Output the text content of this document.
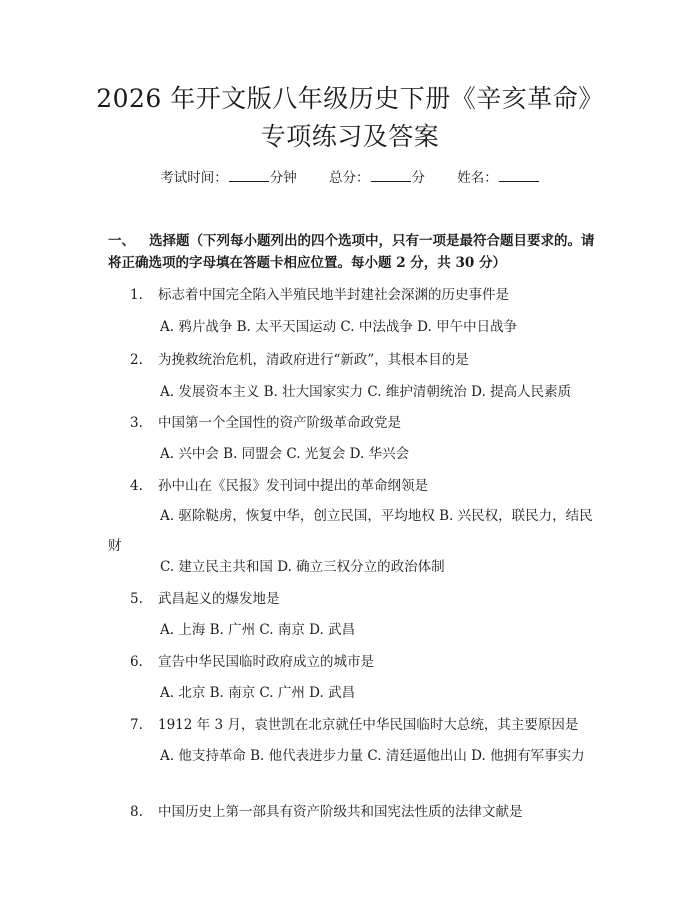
2026 年开文版八年级历史下册《辛亥革命》
专项练习及答案
考试时间：	分钟 总分：	分 姓名：
一、 选择题（下列每小题列出的四个选项中，只有一项是最符合题目要求的。请将正确选项的字母填在答题卡相应位置。每小题 2 分，共 30 分）
1. 标志着中国完全陷入半殖民地半封建社会深渊的历史事件是
A. 鸦片战争 B. 太平天国运动 C. 中法战争 D. 甲午中日战争
2. 为挽救统治危机，清政府进行“新政”，其根本目的是
A. 发展资本主义 B. 壮大国家实力 C. 维护清朝统治 D. 提高人民素质
3. 中国第一个全国性的资产阶级革命政党是
A. 兴中会 B. 同盟会 C. 光复会 D. 华兴会
4. 孙中山在《民报》发刊词中提出的革命纲领是
A. 驱除鞑虏，恢复中华，创立民国，平均地权 B. 兴民权，联民力，结民财
C. 建立民主共和国 D. 确立三权分立的政治体制
5. 武昌起义的爆发地是
A. 上海 B. 广州 C. 南京 D. 武昌
6. 宣告中华民国临时政府成立的城市是
A. 北京 B. 南京 C. 广州 D. 武昌
7. 1912 年 3 月，袁世凯在北京就任中华民国临时大总统，其主要原因是
A. 他支持革命 B. 他代表进步力量 C. 清廷逼他出山 D. 他拥有军事实力
8. 中国历史上第一部具有资产阶级共和国宪法性质的法律文献是
